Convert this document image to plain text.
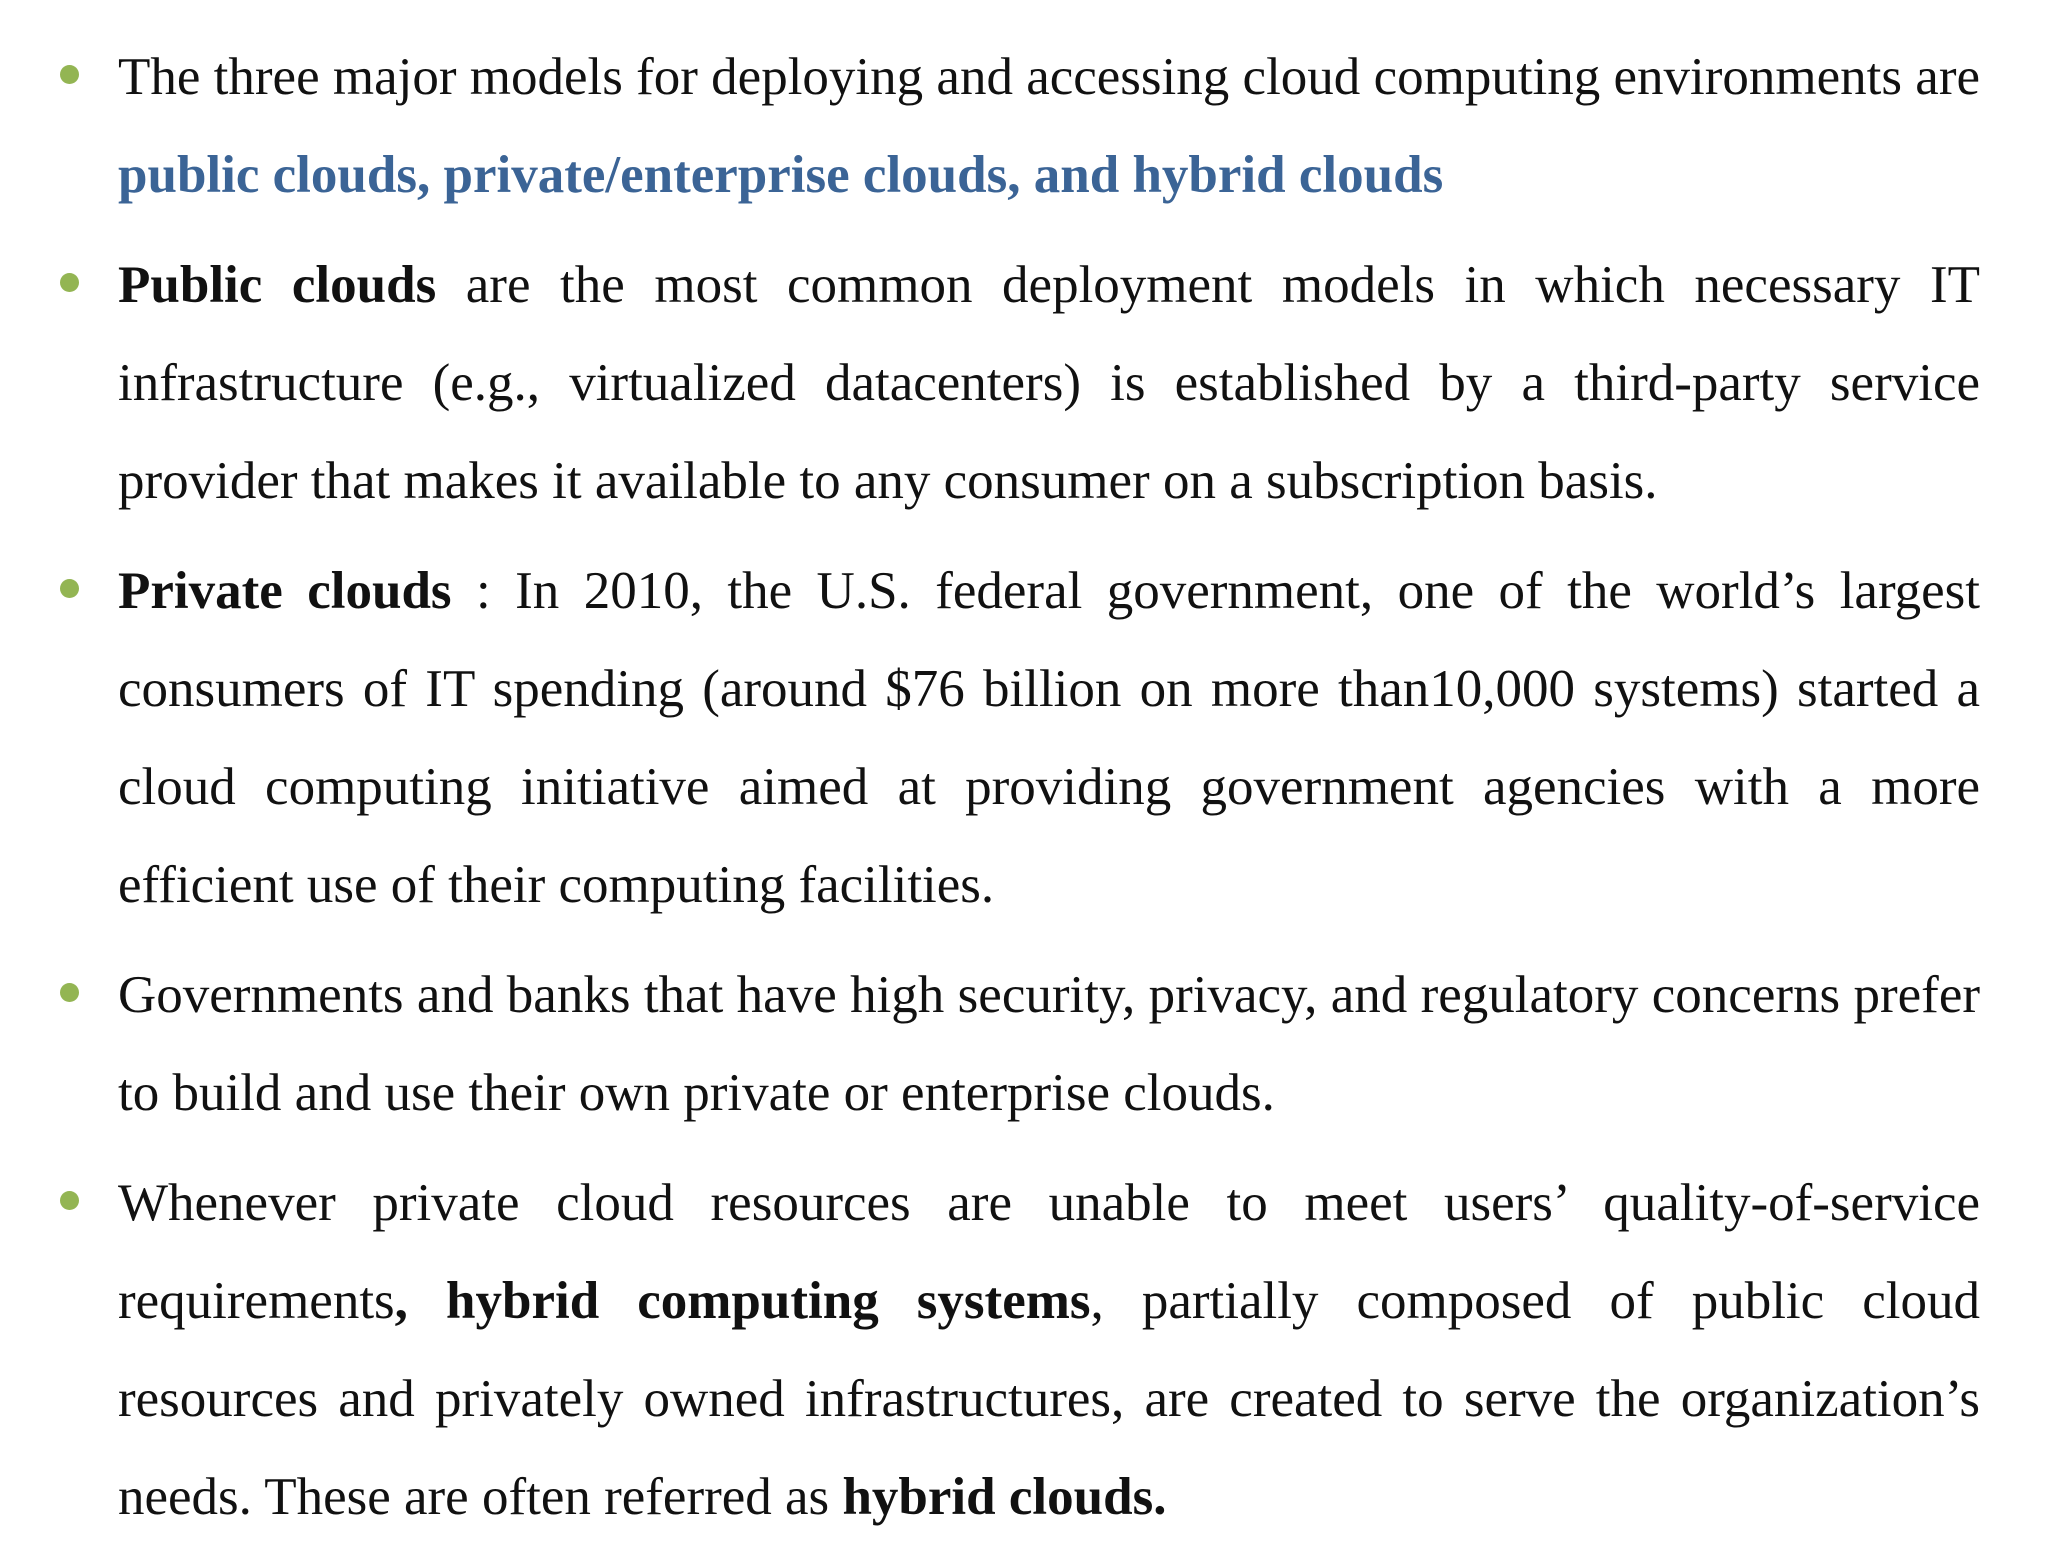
The three major models for deploying and accessing cloud computing environments are public clouds, private/enterprise clouds, and hybrid clouds
Public clouds are the most common deployment models in which necessary IT infrastructure (e.g., virtualized datacenters) is established by a third-party service provider that makes it available to any consumer on a subscription basis.
Private clouds : In 2010, the U.S. federal government, one of the world’s largest consumers of IT spending (around $76 billion on more than10,000 systems) started a cloud computing initiative aimed at providing government agencies with a more efficient use of their computing facilities.
Governments and banks that have high security, privacy, and regulatory concerns prefer to build and use their own private or enterprise clouds.
Whenever private cloud resources are unable to meet users’ quality-of-service requirements, hybrid computing systems, partially composed of public cloud resources and privately owned infrastructures, are created to serve the organization’s needs. These are often referred as hybrid clouds.
